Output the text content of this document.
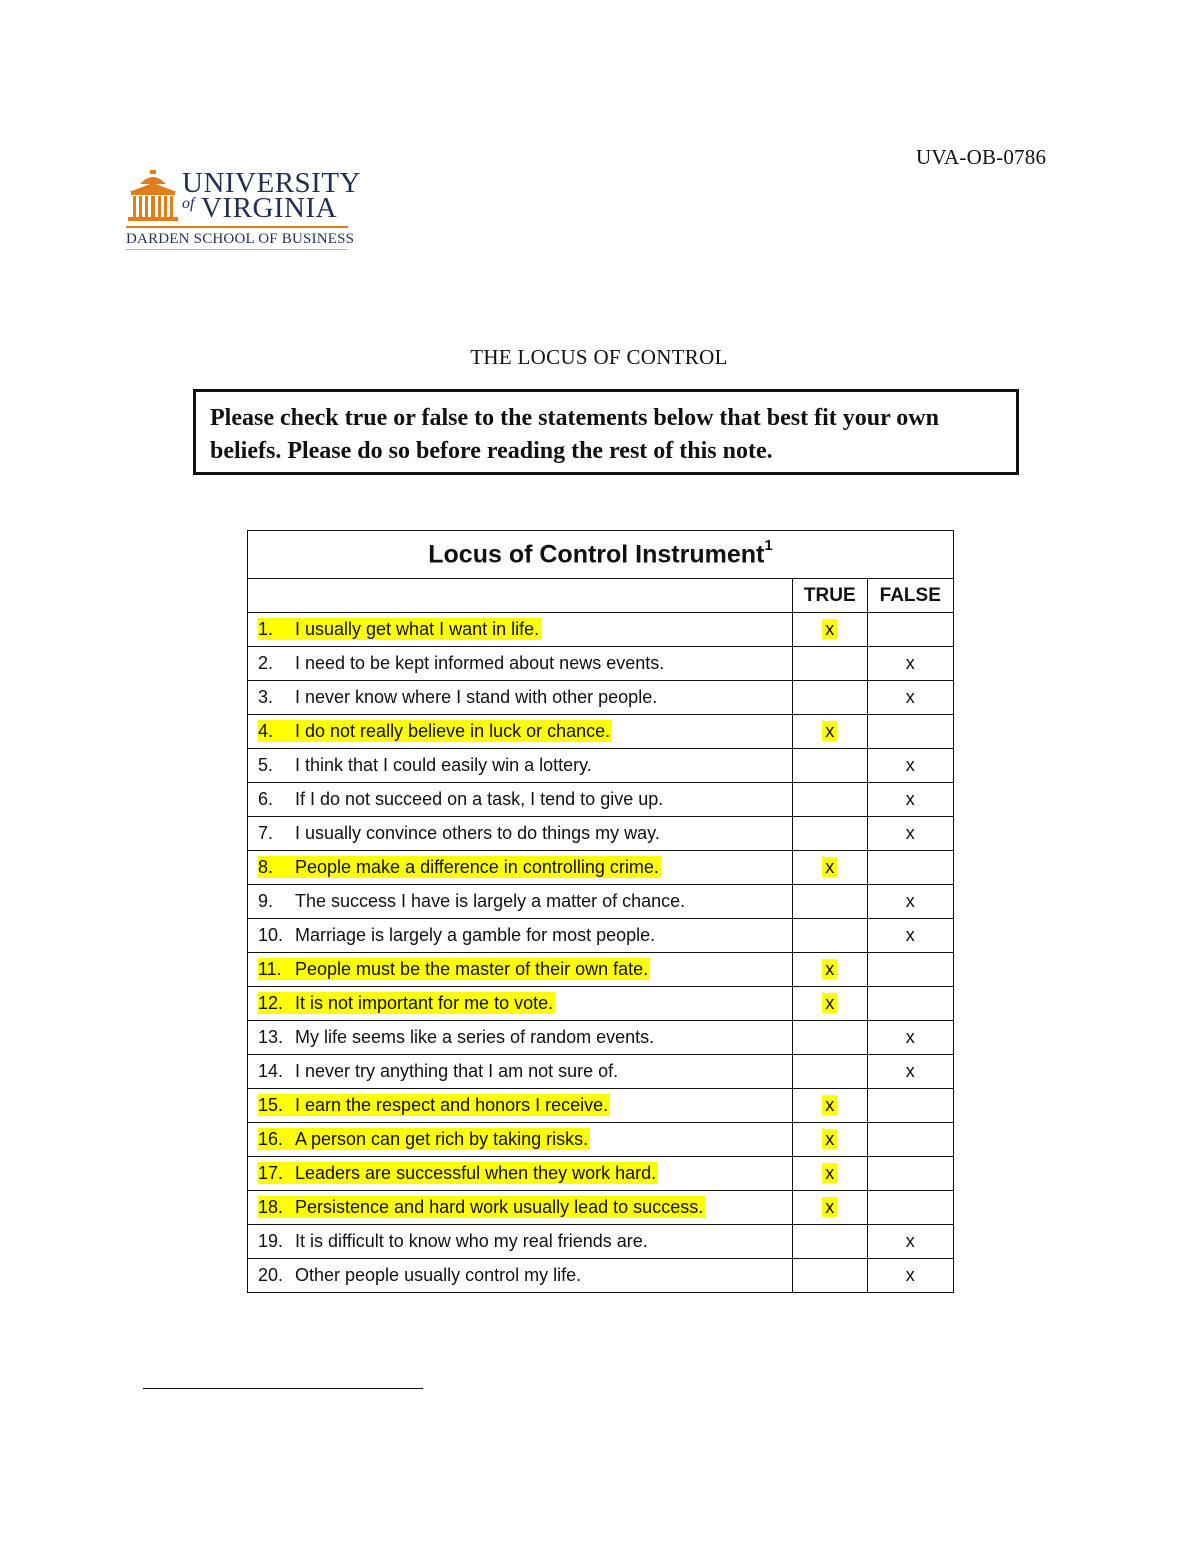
UVA-OB-0786
UNIVERSITY
of VIRGINIA
DARDEN SCHOOL OF BUSINESS
THE LOCUS OF CONTROL
Please check true or false to the statements below that best fit your own beliefs. Please do so before reading the rest of this note.
Locus of Control Instrument$^1$
	TRUE	FALSE
1. I usually get what I want in life.	x	
2. I need to be kept informed about news events.		x
3. I never know where I stand with other people.		x
4. I do not really believe in luck or chance.	x	
5. I think that I could easily win a lottery.		x
6. If I do not succeed on a task, I tend to give up.		x
7. I usually convince others to do things my way.		x
8. People make a difference in controlling crime.	x	
9. The success I have is largely a matter of chance.		x
10. Marriage is largely a gamble for most people.		x
11. People must be the master of their own fate.	x	
12. It is not important for me to vote.	x	
13. My life seems like a series of random events.		x
14. I never try anything that I am not sure of.		x
15. I earn the respect and honors I receive.	x	
16. A person can get rich by taking risks.	x	
17. Leaders are successful when they work hard.	x	
18. Persistence and hard work usually lead to success.	x	
19. It is difficult to know who my real friends are.		x
20. Other people usually control my life.		x
